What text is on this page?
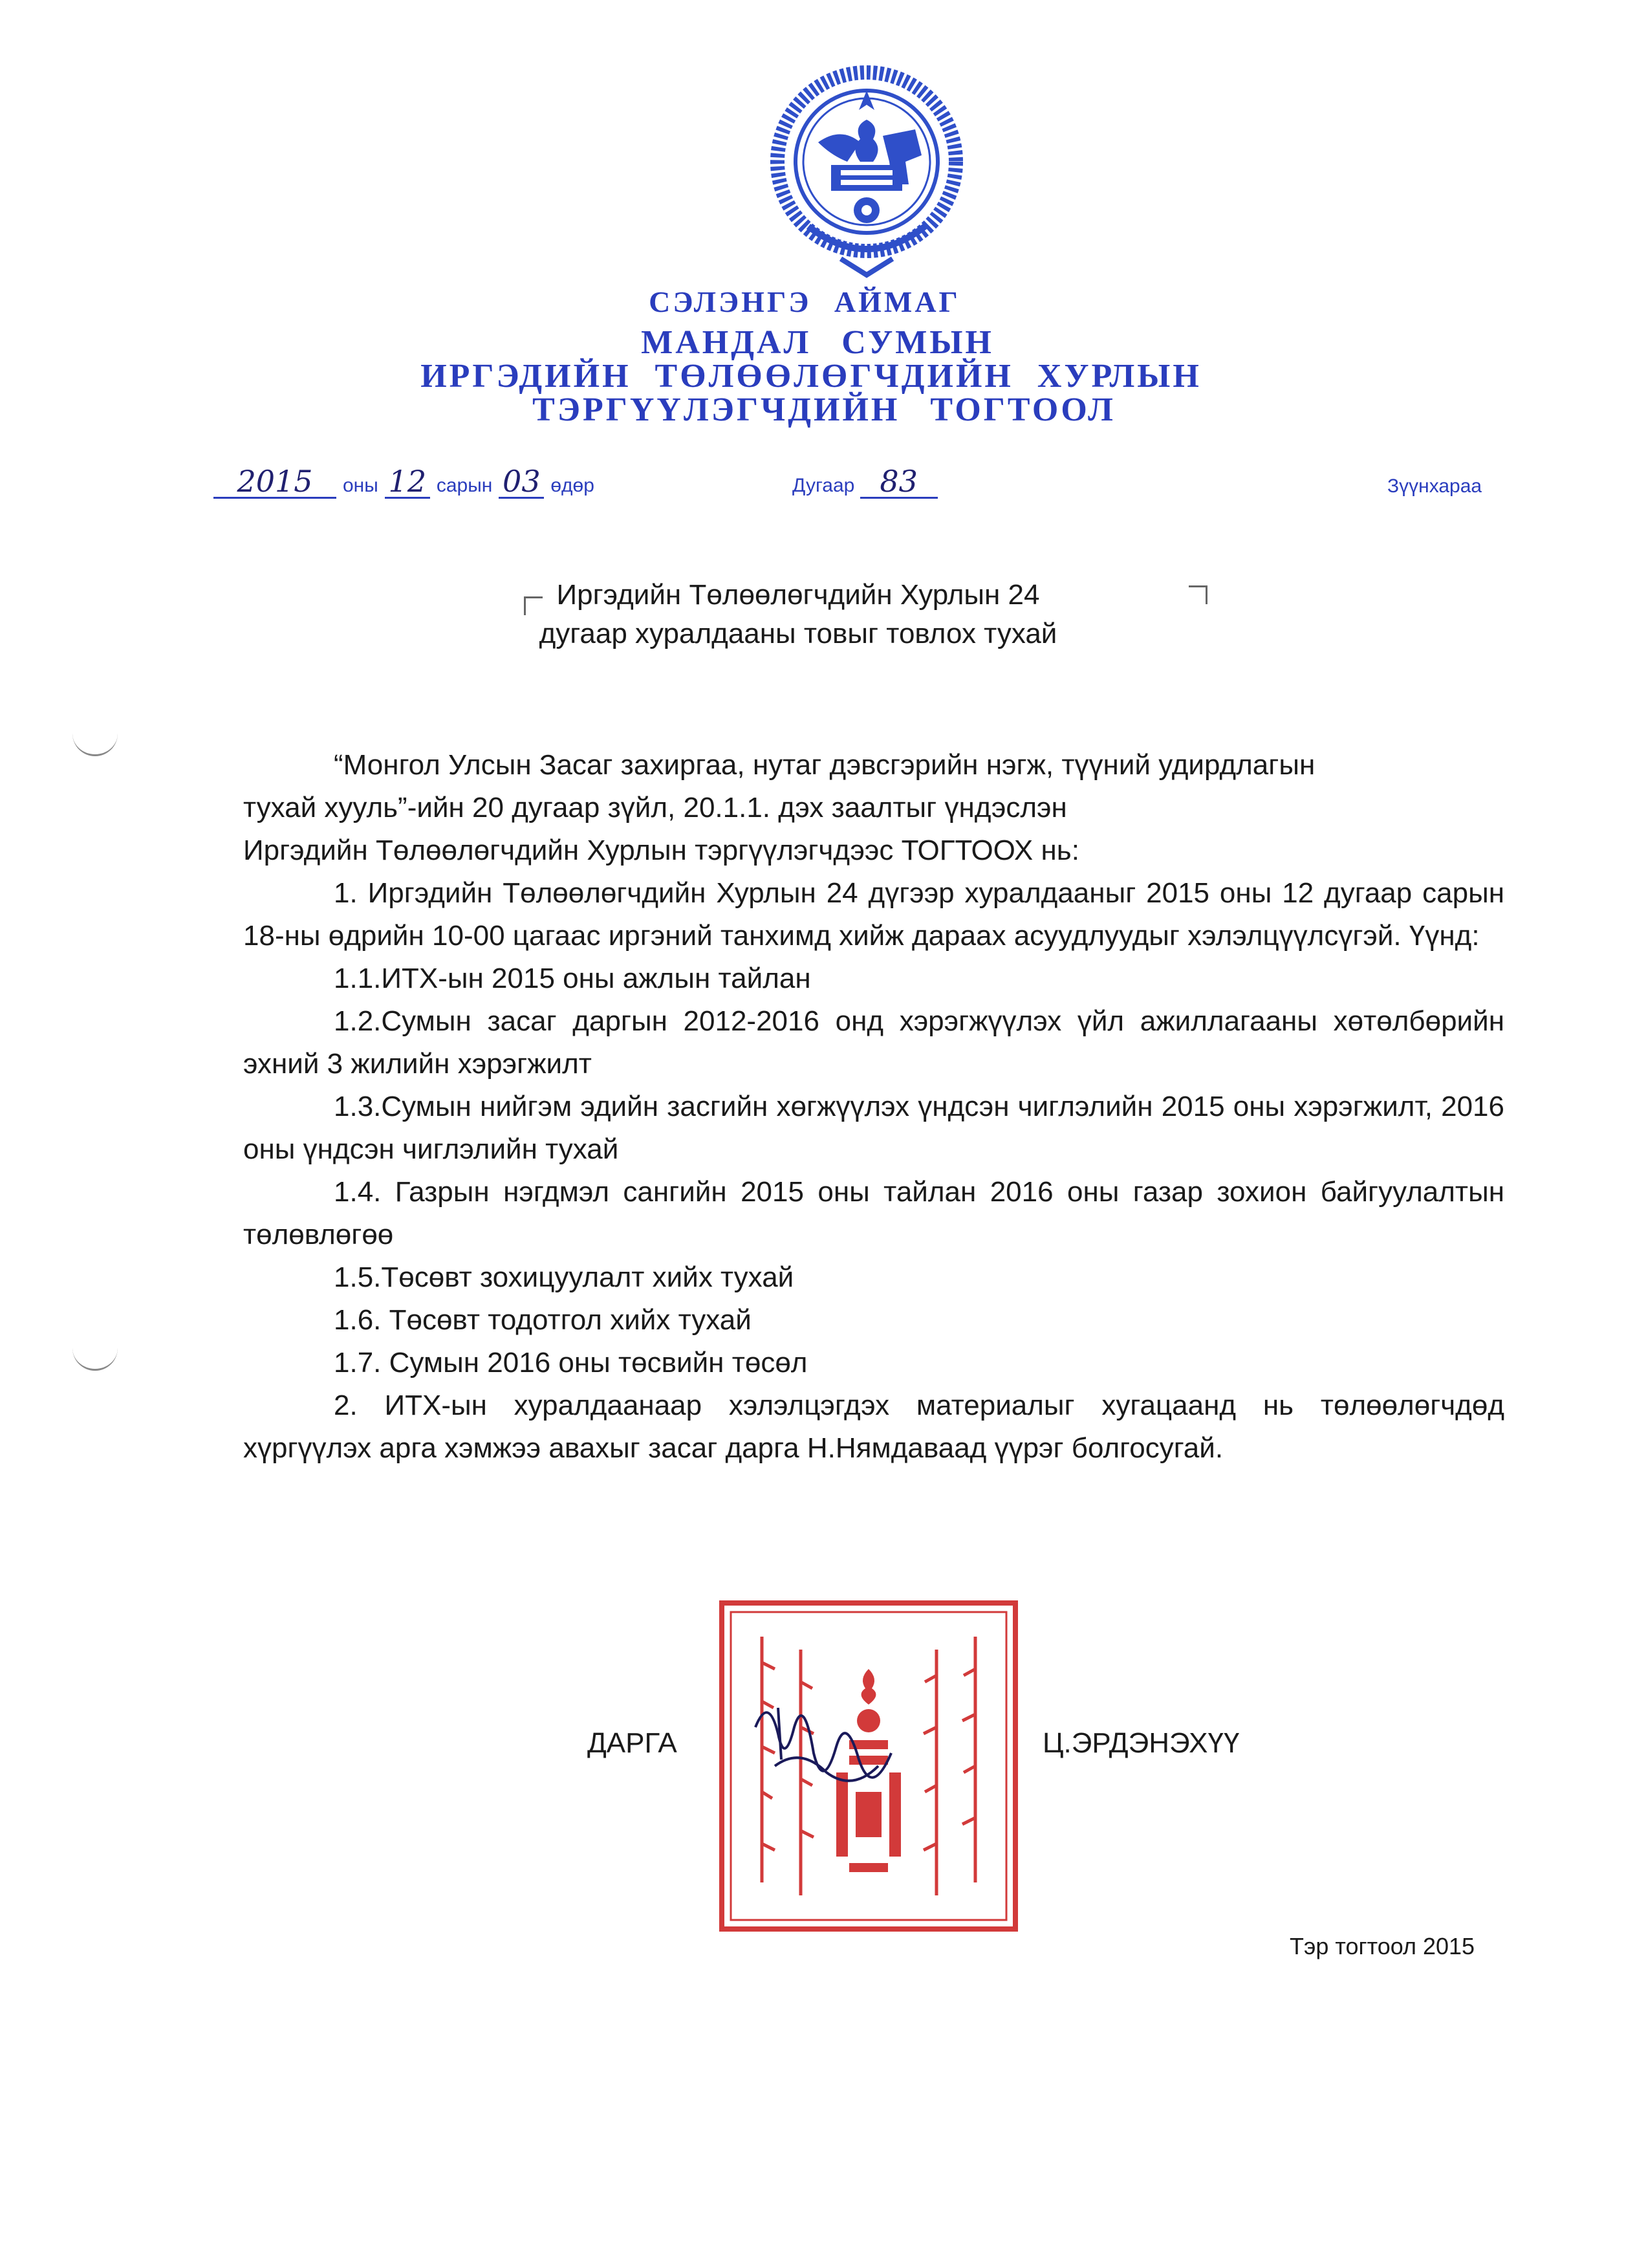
СЭЛЭНГЭ АЙМАГ
МАНДАЛ СУМЫН
ИРГЭДИЙН ТӨЛӨӨЛӨГЧДИЙН ХУРЛЫН
ТЭРГҮҮЛЭГЧДИЙН ТОГТООЛ
2015 оны 12 сарын 03 өдөр	Дугаар 83	Зүүнхараа
Иргэдийн Төлөөлөгчдийн Хурлын 24
дугаар хуралдааны товыг товлох тухай
“Монгол Улсын Засаг захиргаа, нутаг дэвсгэрийн нэгж, түүний удирдлагын
тухай хууль”-ийн 20 дугаар зүйл, 20.1.1. дэх заалтыг үндэслэн
Иргэдийн Төлөөлөгчдийн Хурлын тэргүүлэгчдээс ТОГТООХ нь:
1. Иргэдийн Төлөөлөгчдийн Хурлын 24 дүгээр хуралдааныг 2015 оны 12 дугаар сарын 18-ны өдрийн 10-00 цагаас иргэний танхимд хийж дараах асуудлуудыг хэлэлцүүлсүгэй. Үүнд:
1.1.ИТХ-ын 2015 оны ажлын тайлан
1.2.Сумын засаг даргын 2012-2016 онд хэрэгжүүлэх үйл ажиллагааны хөтөлбөрийн эхний 3 жилийн хэрэгжилт
1.3.Сумын нийгэм эдийн засгийн хөгжүүлэх үндсэн чиглэлийн 2015 оны хэрэгжилт, 2016 оны үндсэн чиглэлийн тухай
1.4. Газрын нэгдмэл сангийн 2015 оны тайлан 2016 оны газар зохион байгуулалтын төлөвлөгөө
1.5.Төсөвт зохицуулалт хийх тухай
1.6. Төсөвт тодотгол хийх тухай
1.7. Сумын 2016 оны төсвийн төсөл
2. ИТХ-ын хуралдаанаар хэлэлцэгдэх материалыг хугацаанд нь төлөөлөгчдөд хүргүүлэх арга хэмжээ авахыг засаг дарга Н.Нямдаваад үүрэг болгосугай.
ДАРГА	Ц.ЭРДЭНЭХҮҮ
Тэр тогтоол 2015
